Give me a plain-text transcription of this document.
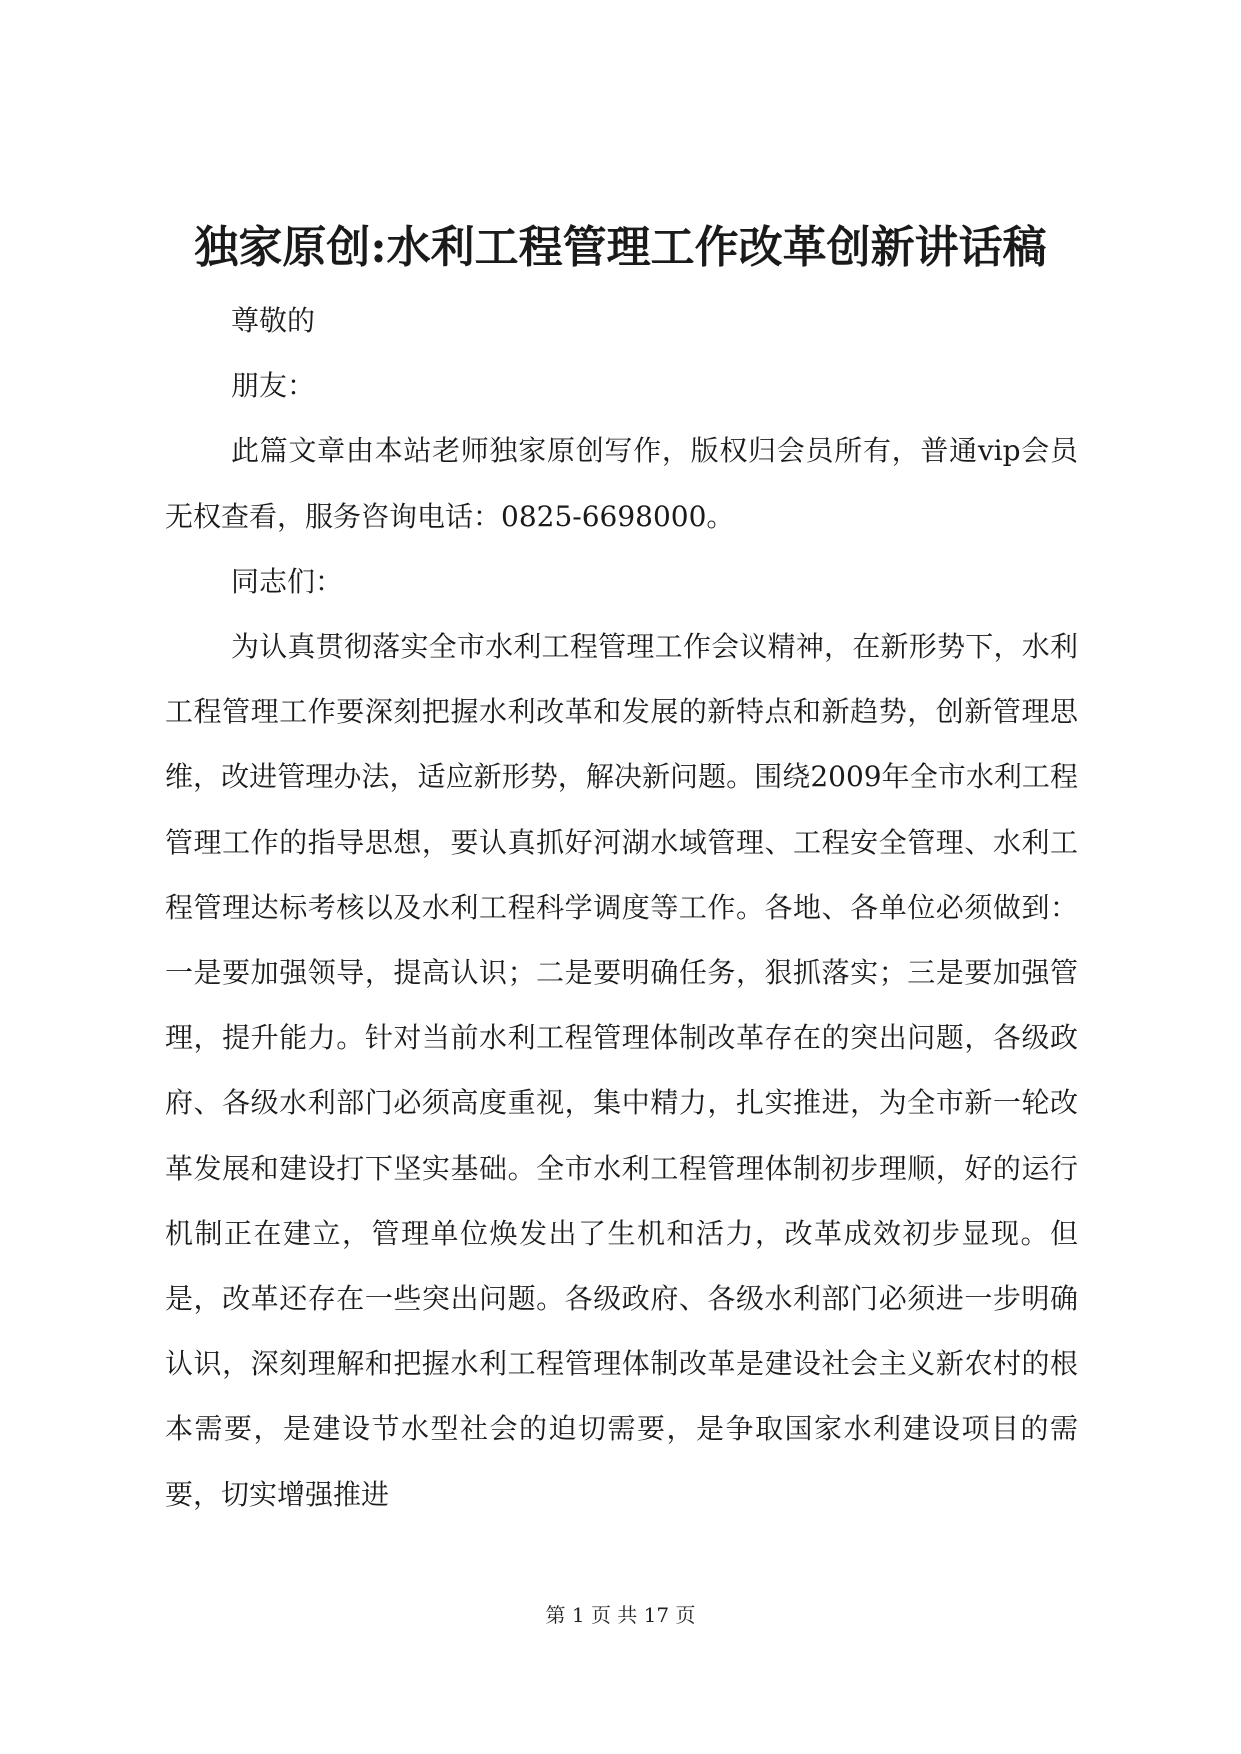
独家原创:水利工程管理工作改革创新讲话稿

尊敬的

朋友：

此篇文章由本站老师独家原创写作，版权归会员所有，普通vip会员无权查看，服务咨询电话：0825-6698000。

同志们：

为认真贯彻落实全市水利工程管理工作会议精神，在新形势下，水利工程管理工作要深刻把握水利改革和发展的新特点和新趋势，创新管理思维，改进管理办法，适应新形势，解决新问题。围绕2009年全市水利工程管理工作的指导思想，要认真抓好河湖水域管理、工程安全管理、水利工程管理达标考核以及水利工程科学调度等工作。各地、各单位必须做到：一是要加强领导，提高认识；二是要明确任务，狠抓落实；三是要加强管理，提升能力。针对当前水利工程管理体制改革存在的突出问题，各级政府、各级水利部门必须高度重视，集中精力，扎实推进，为全市新一轮改革发展和建设打下坚实基础。全市水利工程管理体制初步理顺，好的运行机制正在建立，管理单位焕发出了生机和活力，改革成效初步显现。但是，改革还存在一些突出问题。各级政府、各级水利部门必须进一步明确认识，深刻理解和把握水利工程管理体制改革是建设社会主义新农村的根本需要，是建设节水型社会的迫切需要，是争取国家水利建设项目的需要，切实增强推进

第 1 页 共 17 页
